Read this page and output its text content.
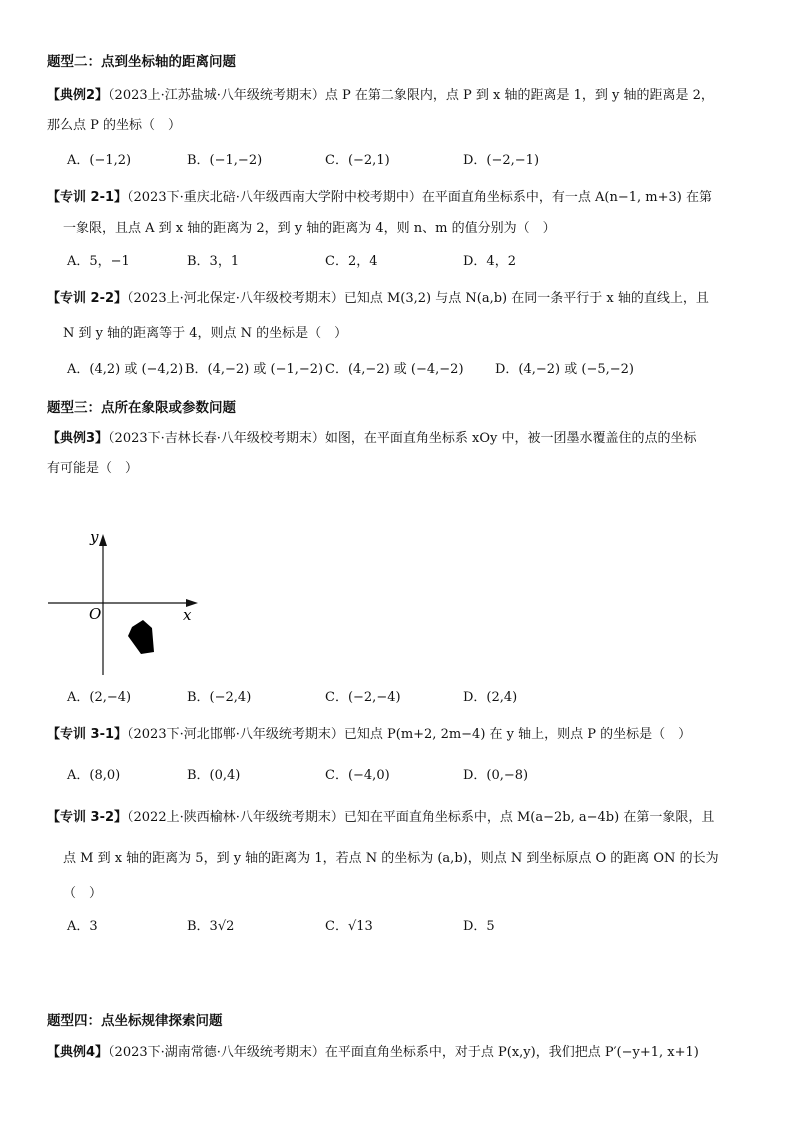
题型二：点到坐标轴的距离问题
【典例2】（2023上·江苏盐城·八年级统考期末）点 P 在第二象限内，点 P 到 x 轴的距离是 1，到 y 轴的距离是 2，
那么点 P 的坐标（　）
A．(−1,2)	B．(−1,−2)	C．(−2,1)	D．(−2,−1)
【专训 2-1】（2023下·重庆北碚·八年级西南大学附中校考期中）在平面直角坐标系中，有一点 A(n−1, m+3) 在第
一象限，且点 A 到 x 轴的距离为 2，到 y 轴的距离为 4，则 n、m 的值分别为（　）
A．5，−1	B．3，1	C．2，4	D．4，2
【专训 2-2】（2023上·河北保定·八年级校考期末）已知点 M(3,2) 与点 N(a,b) 在同一条平行于 x 轴的直线上，且
N 到 y 轴的距离等于 4，则点 N 的坐标是（　）
A．(4,2) 或 (−4,2) B．(4,−2) 或 (−1,−2) C．(4,−2) 或 (−4,−2) D．(4,−2) 或 (−5,−2)
题型三：点所在象限或参数问题
【典例3】（2023下·吉林长春·八年级校考期末）如图，在平面直角坐标系 xOy 中，被一团墨水覆盖住的点的坐标
有可能是（　）
y
x
O
A．(2,−4)	B．(−2,4)	C．(−2,−4)	D．(2,4)
【专训 3-1】（2023下·河北邯郸·八年级统考期末）已知点 P(m+2, 2m−4) 在 y 轴上，则点 P 的坐标是（　）
A．(8,0)	B．(0,4)	C．(−4,0)	D．(0,−8)
【专训 3-2】（2022上·陕西榆林·八年级统考期末）已知在平面直角坐标系中，点 M(a−2b, a−4b) 在第一象限，且
点 M 到 x 轴的距离为 5，到 y 轴的距离为 1，若点 N 的坐标为 (a,b)，则点 N 到坐标原点 O 的距离 ON 的长为
（　）
A．3	B．3√2	C．√13	D．5
题型四：点坐标规律探索问题
【典例4】（2023下·湖南常德·八年级统考期末）在平面直角坐标系中，对于点 P(x,y)，我们把点 P′(−y+1, x+1)
